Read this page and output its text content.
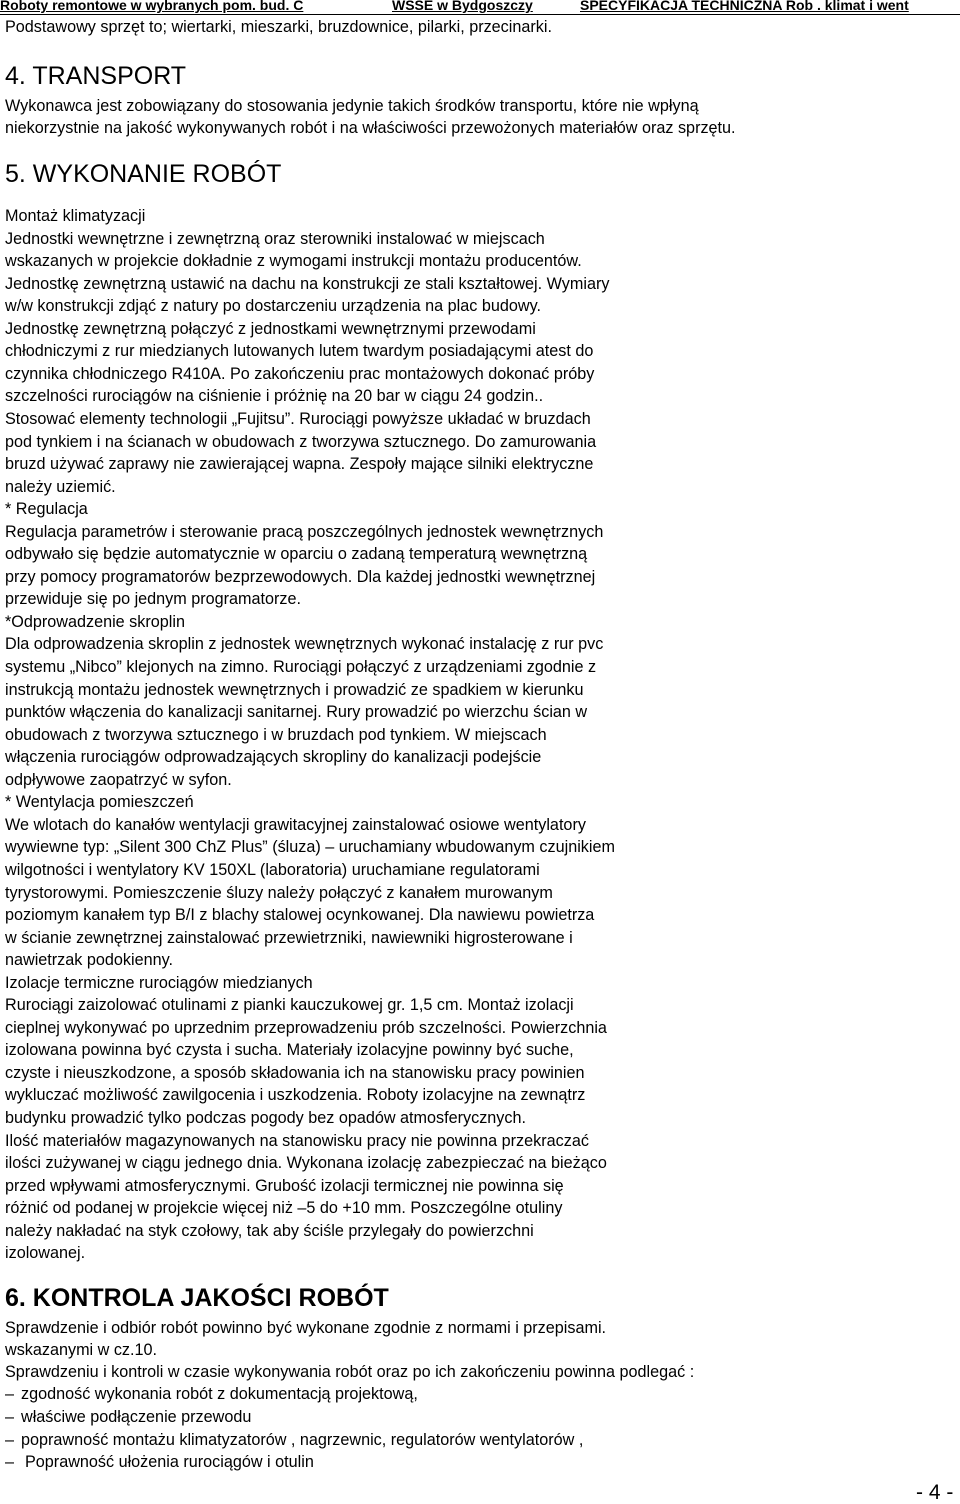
Roboty remontowe w wybranych pom. bud. C	WSSE w Bydgoszczy	SPECYFIKACJA TECHNICZNA Rob . klimat i went
Podstawowy sprzęt to; wiertarki, mieszarki, bruzdownice, pilarki, przecinarki.
4. TRANSPORT
Wykonawca jest zobowiązany do stosowania jedynie takich środków transportu, które nie wpłyną
niekorzystnie na jakość wykonywanych robót i na właściwości przewożonych materiałów oraz sprzętu.
5. WYKONANIE ROBÓT
Montaż klimatyzacji
Jednostki wewnętrzne i zewnętrzną oraz sterowniki instalować w miejscach
wskazanych w projekcie dokładnie z wymogami instrukcji montażu producentów.
Jednostkę zewnętrzną ustawić na dachu na konstrukcji ze stali kształtowej. Wymiary
w/w konstrukcji zdjąć z natury po dostarczeniu urządzenia na plac budowy.
Jednostkę zewnętrzną połączyć z jednostkami wewnętrznymi przewodami
chłodniczymi z rur miedzianych lutowanych lutem twardym posiadającymi atest do
czynnika chłodniczego R410A. Po zakończeniu prac montażowych dokonać próby
szczelności rurociągów na ciśnienie i próżnię na 20 bar w ciągu 24 godzin..
Stosować elementy technologii „Fujitsu”. Rurociągi powyższe układać w bruzdach
pod tynkiem i na ścianach w obudowach z tworzywa sztucznego. Do zamurowania
bruzd używać zaprawy nie zawierającej wapna. Zespoły mające silniki elektryczne
należy uziemić.
* Regulacja
Regulacja parametrów i sterowanie pracą poszczególnych jednostek wewnętrznych
odbywało się będzie automatycznie w oparciu o zadaną temperaturą wewnętrzną
przy pomocy programatorów bezprzewodowych. Dla każdej jednostki wewnętrznej
przewiduje się po jednym programatorze.
*Odprowadzenie skroplin
Dla odprowadzenia skroplin z jednostek wewnętrznych wykonać instalację z rur pvc
systemu „Nibco” klejonych na zimno. Rurociągi połączyć z urządzeniami zgodnie z
instrukcją montażu jednostek wewnętrznych i prowadzić ze spadkiem w kierunku
punktów włączenia do kanalizacji sanitarnej. Rury prowadzić po wierzchu ścian w
obudowach z tworzywa sztucznego i w bruzdach pod tynkiem. W miejscach
włączenia rurociągów odprowadzających skropliny do kanalizacji podejście
odpływowe zaopatrzyć w syfon.
* Wentylacja pomieszczeń
We wlotach do kanałów wentylacji grawitacyjnej zainstalować osiowe wentylatory
wywiewne typ: „Silent 300 ChZ Plus” (śluza) – uruchamiany wbudowanym czujnikiem
wilgotności i wentylatory KV 150XL (laboratoria) uruchamiane regulatorami
tyrystorowymi. Pomieszczenie śluzy należy połączyć z kanałem murowanym
poziomym kanałem typ B/I z blachy stalowej ocynkowanej. Dla nawiewu powietrza
w ścianie zewnętrznej zainstalować przewietrzniki, nawiewniki higrosterowane i
nawietrzak podokienny.
Izolacje termiczne rurociągów miedzianych
Rurociągi zaizolować otulinami z pianki kauczukowej gr. 1,5 cm. Montaż izolacji
cieplnej wykonywać po uprzednim przeprowadzeniu prób szczelności. Powierzchnia
izolowana powinna być czysta i sucha. Materiały izolacyjne powinny być suche,
czyste i nieuszkodzone, a sposób składowania ich na stanowisku pracy powinien
wykluczać możliwość zawilgocenia i uszkodzenia. Roboty izolacyjne na zewnątrz
budynku prowadzić tylko podczas pogody bez opadów atmosferycznych.
Ilość materiałów magazynowanych na stanowisku pracy nie powinna przekraczać
ilości zużywanej w ciągu jednego dnia. Wykonana izolację zabezpieczać na bieżąco
przed wpływami atmosferycznymi. Grubość izolacji termicznej nie powinna się
różnić od podanej w projekcie więcej niż –5 do +10 mm. Poszczególne otuliny
należy nakładać na styk czołowy, tak aby ściśle przylegały do powierzchni
izolowanej.
6. KONTROLA JAKOŚCI ROBÓT
Sprawdzenie i odbiór robót powinno być wykonane zgodnie z normami i przepisami.
wskazanymi w cz.10.
Sprawdzeniu i kontroli w czasie wykonywania robót oraz po ich zakończeniu powinna podlegać :
– zgodność wykonania robót z dokumentacją projektową,
– właściwe podłączenie przewodu
– poprawność montażu klimatyzatorów , nagrzewnic, regulatorów wentylatorów ,
– Poprawność ułożenia rurociągów i otulin
- 4 -
